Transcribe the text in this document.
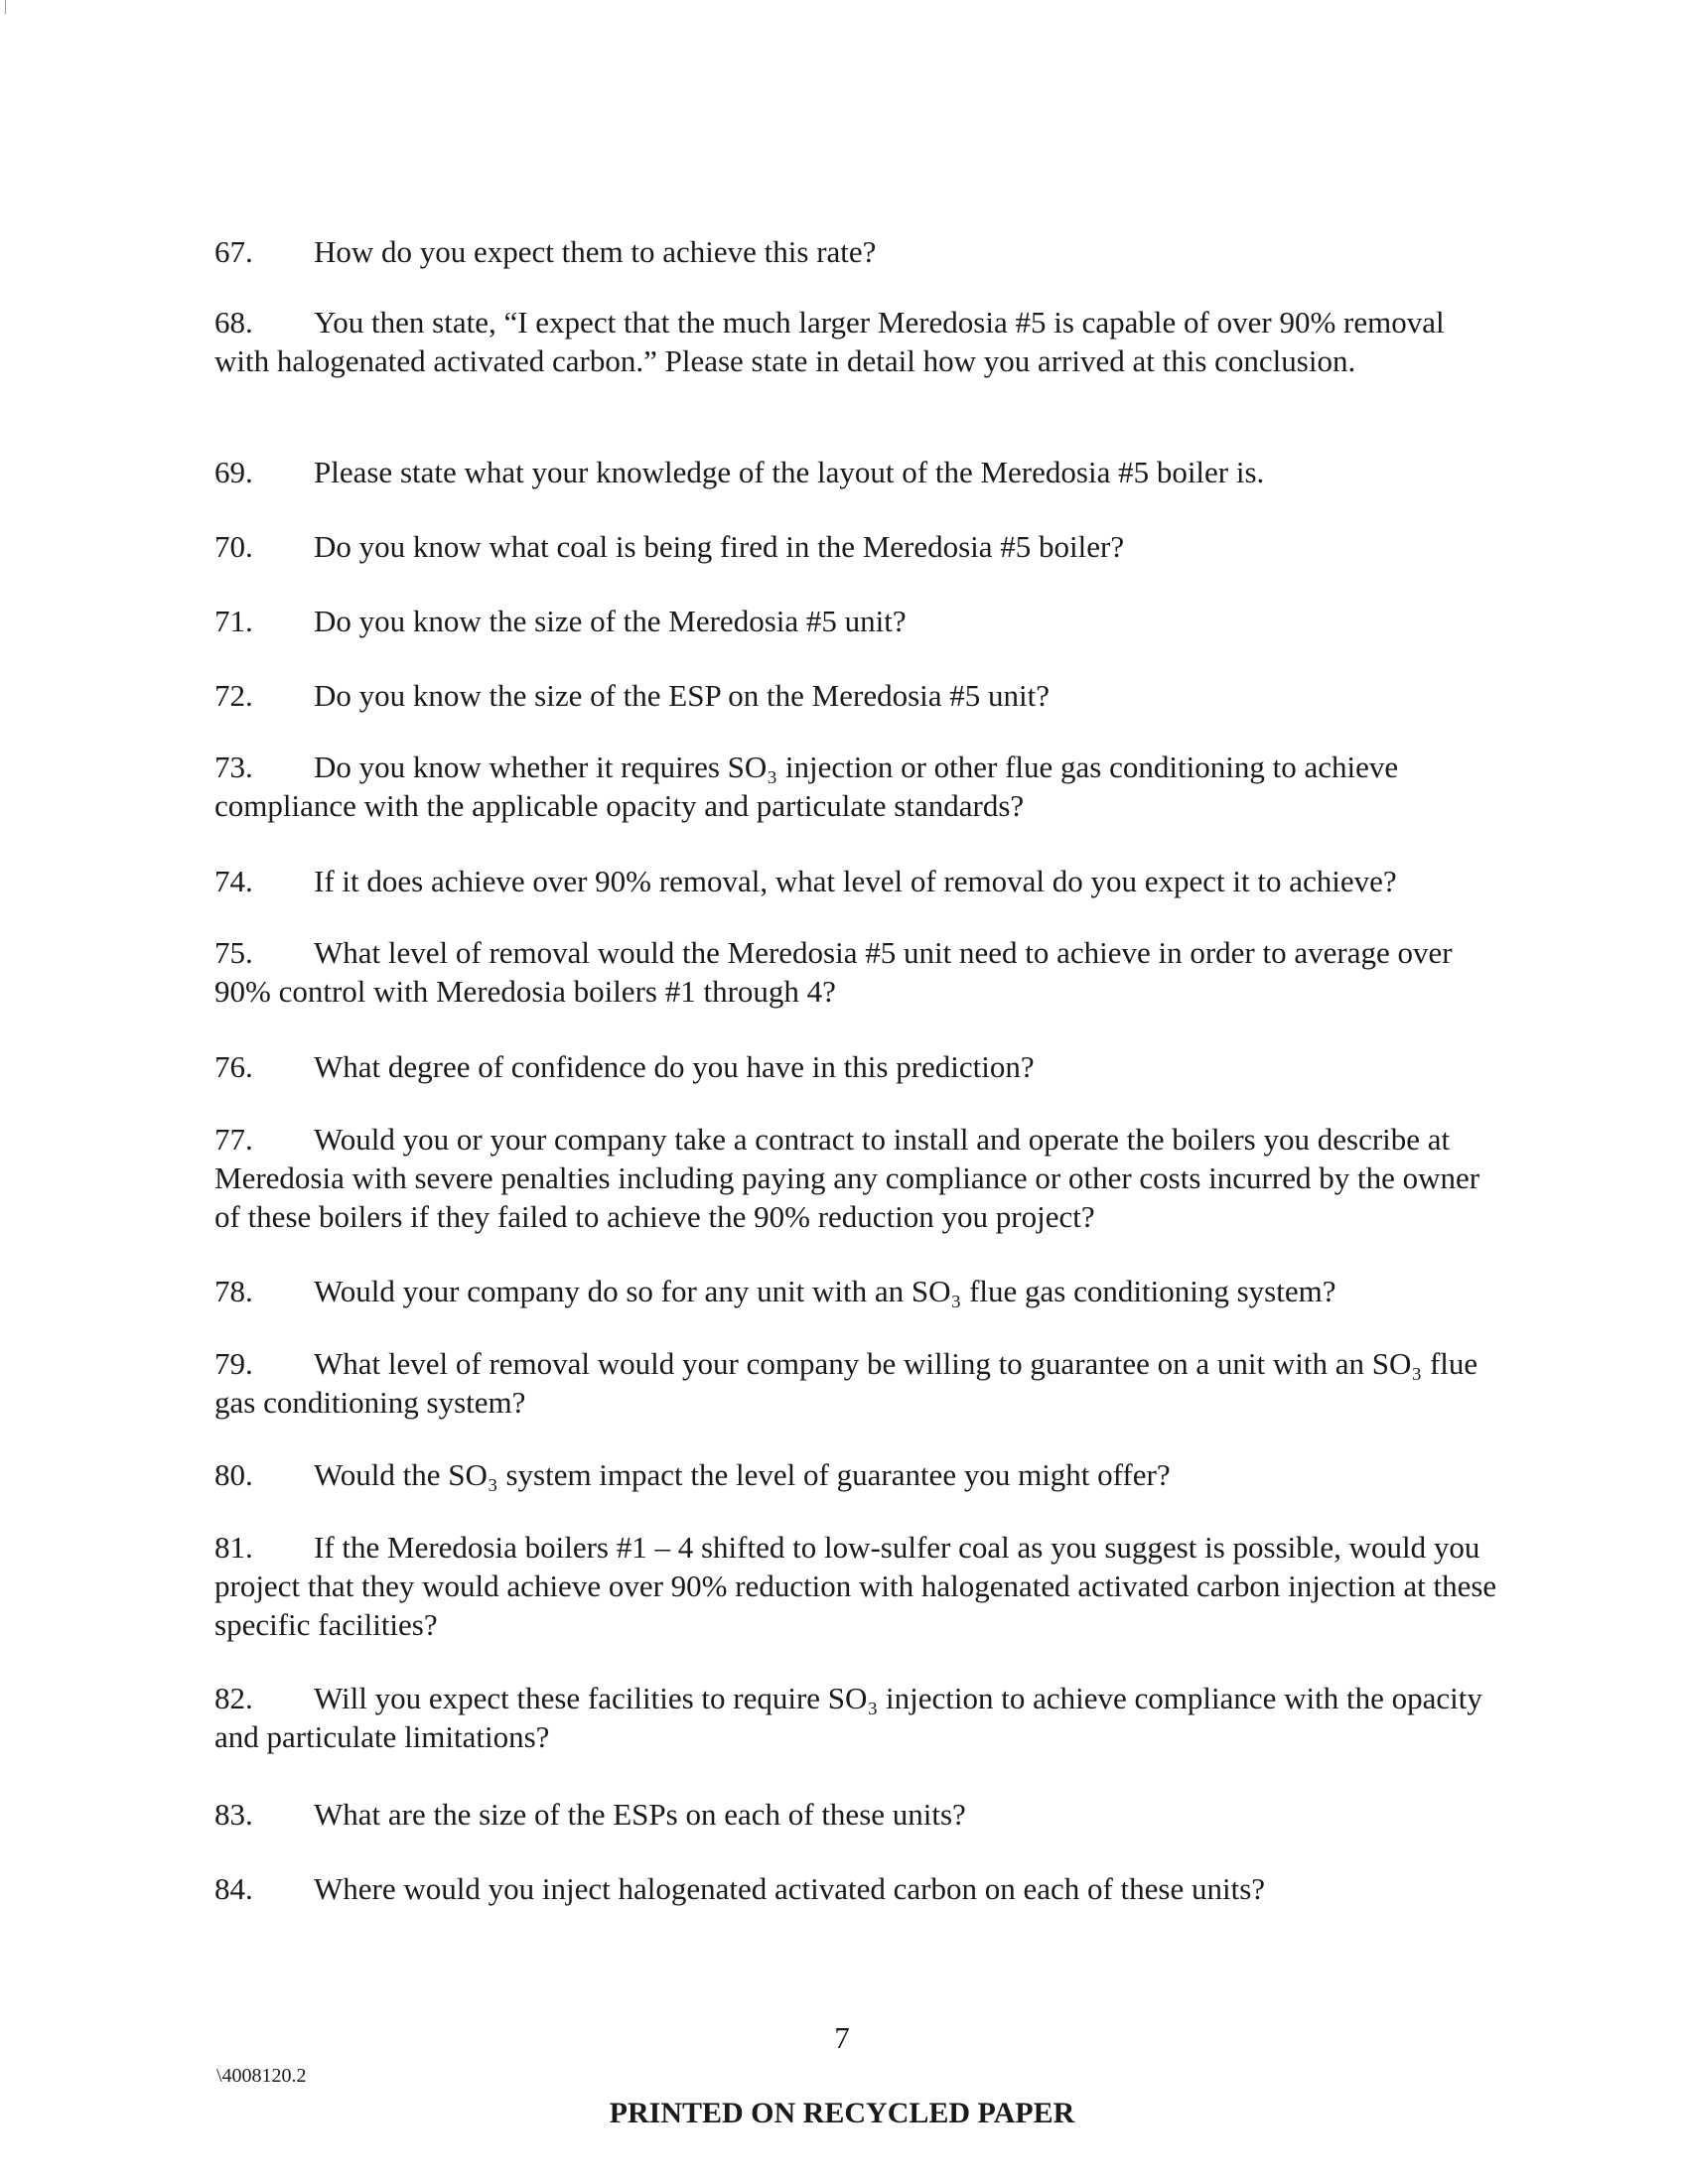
67. How do you expect them to achieve this rate?

68. You then state, “I expect that the much larger Meredosia #5 is capable of over 90% removal with halogenated activated carbon.” Please state in detail how you arrived at this conclusion.

69. Please state what your knowledge of the layout of the Meredosia #5 boiler is.

70. Do you know what coal is being fired in the Meredosia #5 boiler?

71. Do you know the size of the Meredosia #5 unit?

72. Do you know the size of the ESP on the Meredosia #5 unit?

73. Do you know whether it requires SO₃ injection or other flue gas conditioning to achieve compliance with the applicable opacity and particulate standards?

74. If it does achieve over 90% removal, what level of removal do you expect it to achieve?

75. What level of removal would the Meredosia #5 unit need to achieve in order to average over 90% control with Meredosia boilers #1 through 4?

76. What degree of confidence do you have in this prediction?

77. Would you or your company take a contract to install and operate the boilers you describe at Meredosia with severe penalties including paying any compliance or other costs incurred by the owner of these boilers if they failed to achieve the 90% reduction you project?

78. Would your company do so for any unit with an SO₃ flue gas conditioning system?

79. What level of removal would your company be willing to guarantee on a unit with an SO₃ flue gas conditioning system?

80. Would the SO₃ system impact the level of guarantee you might offer?

81. If the Meredosia boilers #1 – 4 shifted to low-sulfer coal as you suggest is possible, would you project that they would achieve over 90% reduction with halogenated activated carbon injection at these specific facilities?

82. Will you expect these facilities to require SO₃ injection to achieve compliance with the opacity and particulate limitations?

83. What are the size of the ESPs on each of these units?

84. Where would you inject halogenated activated carbon on each of these units?

7

\4008120.2

PRINTED ON RECYCLED PAPER
